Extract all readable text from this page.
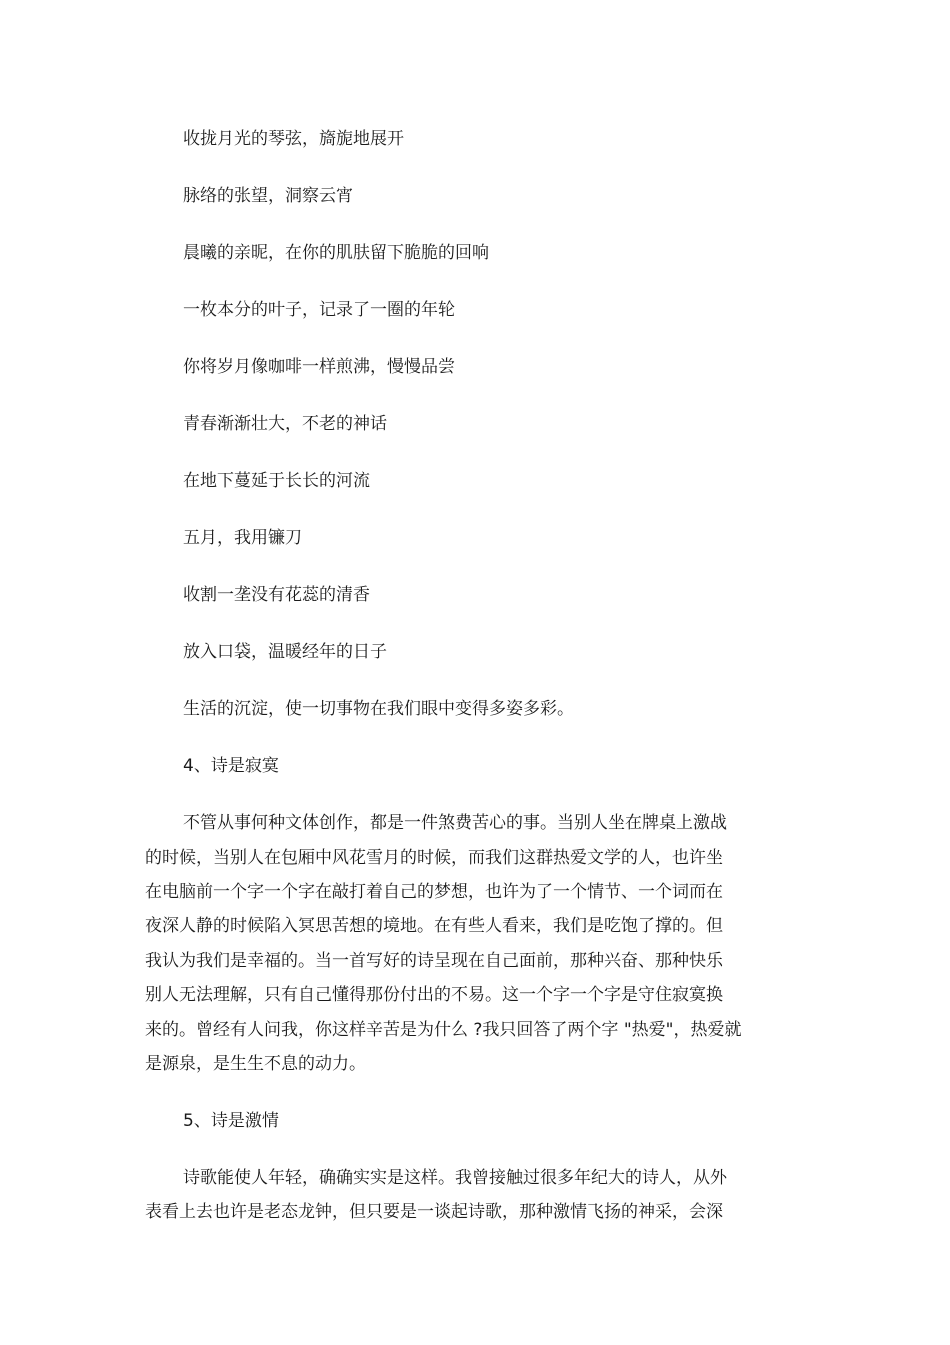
收拢月光的琴弦，旖旎地展开
脉络的张望，洞察云宵
晨曦的亲昵，在你的肌肤留下脆脆的回响
一枚本分的叶子，记录了一圈的年轮
你将岁月像咖啡一样煎沸，慢慢品尝
青春渐渐壮大，不老的神话
在地下蔓延于长长的河流
五月，我用镰刀
收割一垄没有花蕊的清香
放入口袋，温暖经年的日子
生活的沉淀，使一切事物在我们眼中变得多姿多彩。
4、诗是寂寞
不管从事何种文体创作，都是一件煞费苦心的事。当别人坐在牌桌上激战
的时候，当别人在包厢中风花雪月的时候，而我们这群热爱文学的人，也许坐
在电脑前一个字一个字在敲打着自己的梦想，也许为了一个情节、一个词而在
夜深人静的时候陷入冥思苦想的境地。在有些人看来，我们是吃饱了撑的。但
我认为我们是幸福的。当一首写好的诗呈现在自己面前，那种兴奋、那种快乐
别人无法理解，只有自己懂得那份付出的不易。这一个字一个字是守住寂寞换
来的。曾经有人问我，你这样辛苦是为什么 ?我只回答了两个字 "热爱"，热爱就
是源泉，是生生不息的动力。
5、诗是激情
诗歌能使人年轻，确确实实是这样。我曾接触过很多年纪大的诗人，从外
表看上去也许是老态龙钟，但只要是一谈起诗歌，那种激情飞扬的神采，会深
